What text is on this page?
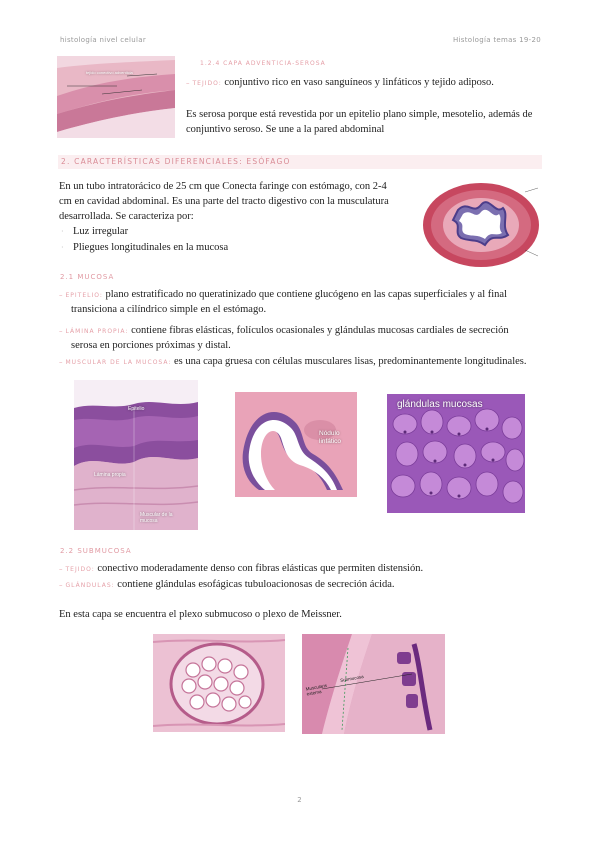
histología nivel celular	Histología temas 19-20
tejido conectivo adventicia
1.2.4 CAPA ADVENTICIA-SEROSA
– TEJIDO: conjuntivo rico en vaso sanguíneos y linfáticos y tejido adiposo.
Es serosa porque está revestida por un epitelio plano simple, mesotelio, además de conjuntivo seroso. Se une a la pared abdominal
2. CARACTERÍSTICAS DIFERENCIALES: ESÓFAGO
En un tubo intratorácico de 25 cm que Conecta faringe con estómago, con 2-4
cm en cavidad abdominal. Es una parte del tracto digestivo con la musculatura
desarrollada. Se caracteriza por:
· Luz irregular
· Pliegues longitudinales en la mucosa
2.1 MUCOSA
– EPITELIO: plano estratificado no queratinizado que contiene glucógeno en las capas superficiales y al final
transiciona a cilíndrico simple en el estómago.
– LÁMINA PROPIA: contiene fibras elásticas, folículos ocasionales y glándulas mucosas cardiales de secreción
serosa en porciones próximas y distal.
– MUSCULAR DE LA MUCOSA: es una capa gruesa con células musculares lisas, predominantemente longitudinales.
Epitelio
Lámina propia
Muscular de la mucosa
Nódulo linfático
glándulas mucosas
2.2 SUBMUCOSA
– TEJIDO: conectivo moderadamente denso con fibras elásticas que permiten distensión.
– GLÁNDULAS: contiene glándulas esofágicas tubuloacionosas de secreción ácida.
En esta capa se encuentra el plexo submucoso o plexo de Meissner.
Muscularis externa
Submucosa
2
